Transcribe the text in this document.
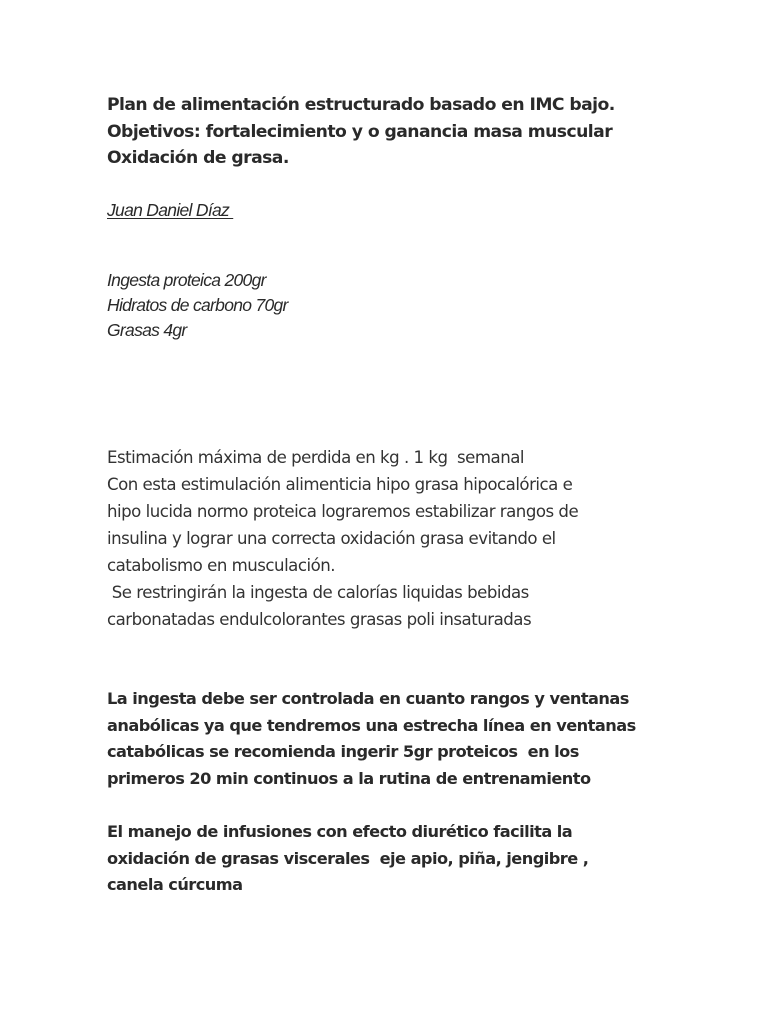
Plan de alimentación estructurado basado en IMC bajo.
Objetivos: fortalecimiento y o ganancia masa muscular
Oxidación de grasa.
Juan Daniel Díaz
Ingesta proteica 200gr
Hidratos de carbono 70gr
Grasas 4gr
Estimación máxima de perdida en kg . 1 kg  semanal
Con esta estimulación alimenticia hipo grasa hipocalórica e
hipo lucida normo proteica lograremos estabilizar rangos de
insulina y lograr una correcta oxidación grasa evitando el
catabolismo en musculación.
Se restringirán la ingesta de calorías liquidas bebidas
carbonatadas endulcolorantes grasas poli insaturadas
La ingesta debe ser controlada en cuanto rangos y ventanas
anabólicas ya que tendremos una estrecha línea en ventanas
catabólicas se recomienda ingerir 5gr proteicos  en los
primeros 20 min continuos a la rutina de entrenamiento
El manejo de infusiones con efecto diurético facilita la
oxidación de grasas viscerales  eje apio, piña, jengibre ,
canela cúrcuma
